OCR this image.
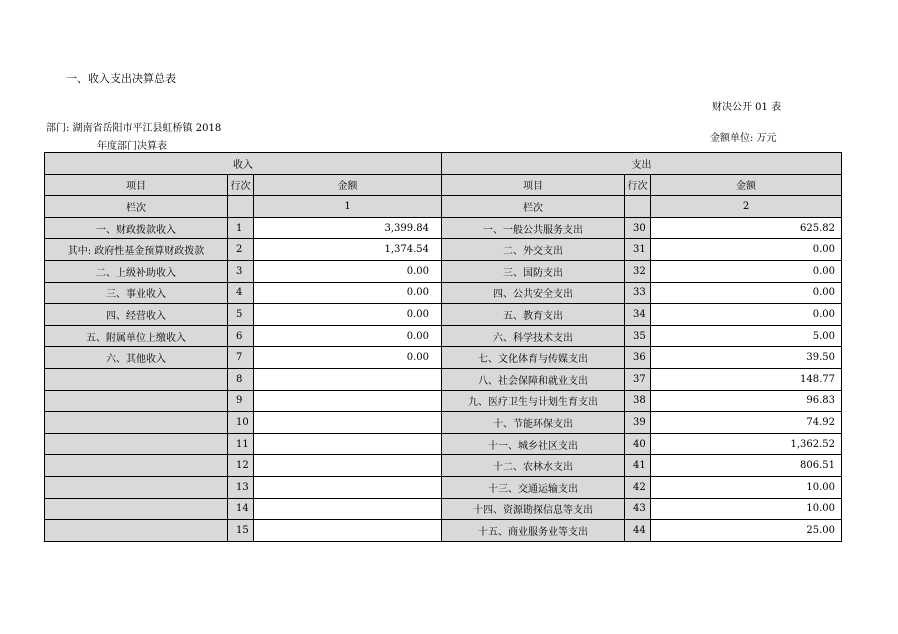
一、收入支出决算总表
财决公开 01 表
部门: 湖南省岳阳市平江县虹桥镇 2018
年度部门决算表
金额单位: 万元
收入			支出		
项目	行次	金额	项目	行次	金额
栏次		1	栏次		2
一、财政拨款收入	1	3,399.84	一、一般公共服务支出	30	625.82
其中: 政府性基金预算财政拨款	2	1,374.54	二、外交支出	31	0.00
二、上级补助收入	3	0.00	三、国防支出	32	0.00
三、事业收入	4	0.00	四、公共安全支出	33	0.00
四、经营收入	5	0.00	五、教育支出	34	0.00
五、附属单位上缴收入	6	0.00	六、科学技术支出	35	5.00
六、其他收入	7	0.00	七、文化体育与传媒支出	36	39.50
	8		八、社会保障和就业支出	37	148.77
	9		九、医疗卫生与计划生育支出	38	96.83
	10		十、节能环保支出	39	74.92
	11		十一、城乡社区支出	40	1,362.52
	12		十二、农林水支出	41	806.51
	13		十三、交通运输支出	42	10.00
	14		十四、资源勘探信息等支出	43	10.00
	15		十五、商业服务业等支出	44	25.00
